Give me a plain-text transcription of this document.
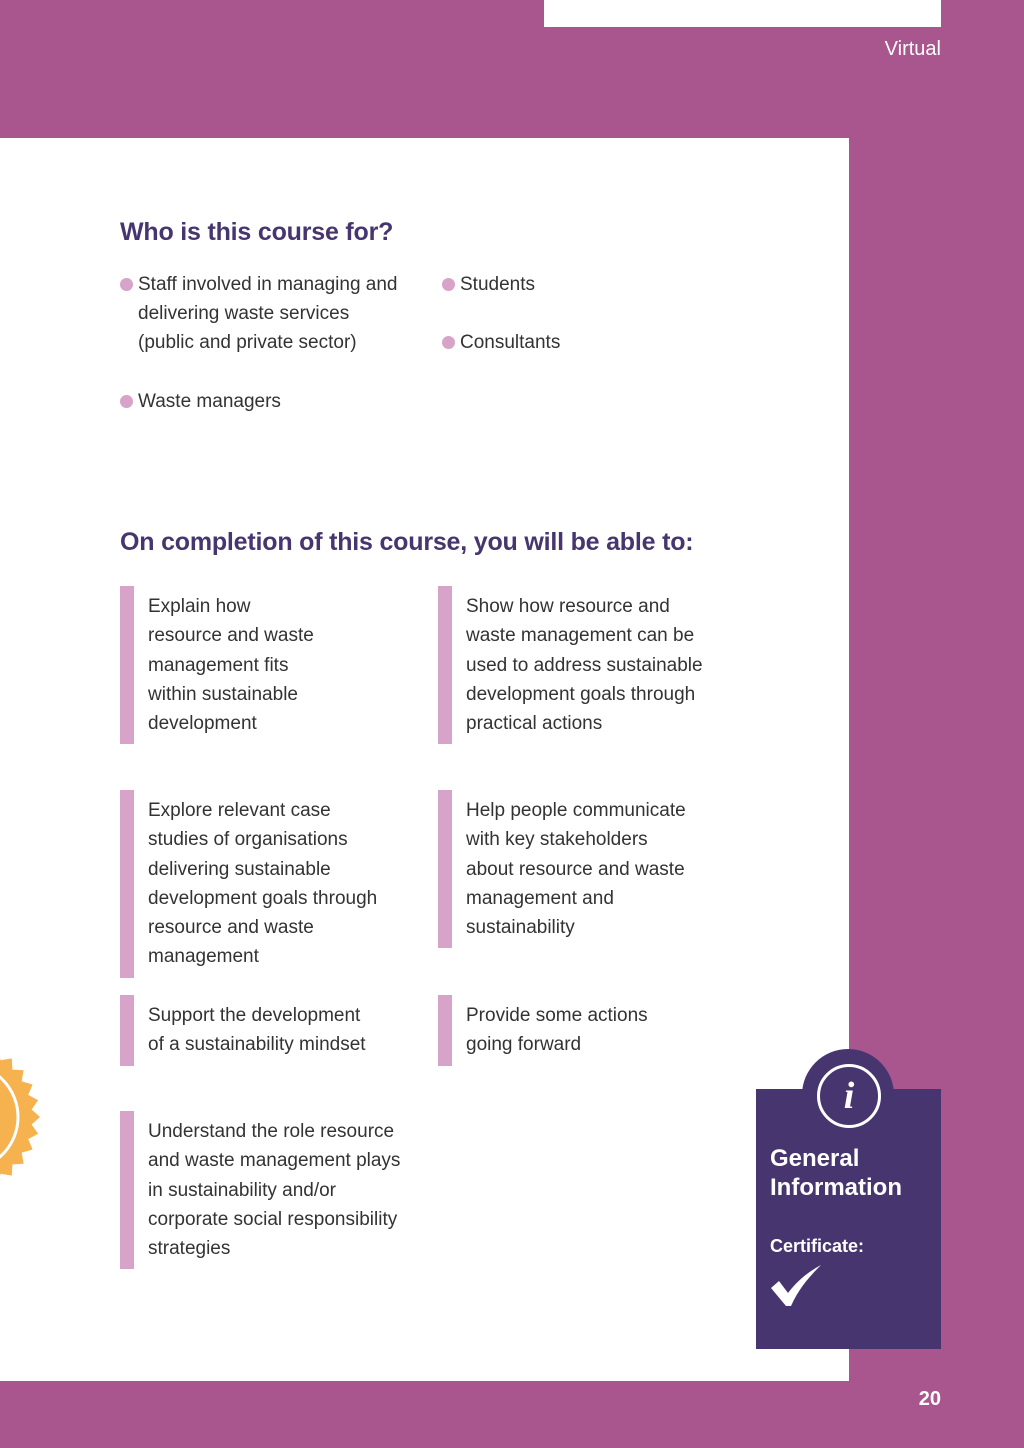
Virtual
Who is this course for?
Staff involved in managing and delivering waste services (public and private sector)
Waste managers
Students
Consultants
On completion of this course, you will be able to:
Explain how resource and waste management fits within sustainable development
Show how resource and waste management can be used to address sustainable development goals through practical actions
Explore relevant case studies of organisations delivering sustainable development goals through resource and waste management
Help people communicate with key stakeholders about resource and waste management and sustainability
Support the development of a sustainability mindset
Provide some actions going forward
Understand the role resource and waste management plays in sustainability and/or corporate social responsibility strategies
i
General Information
Certificate:
20
